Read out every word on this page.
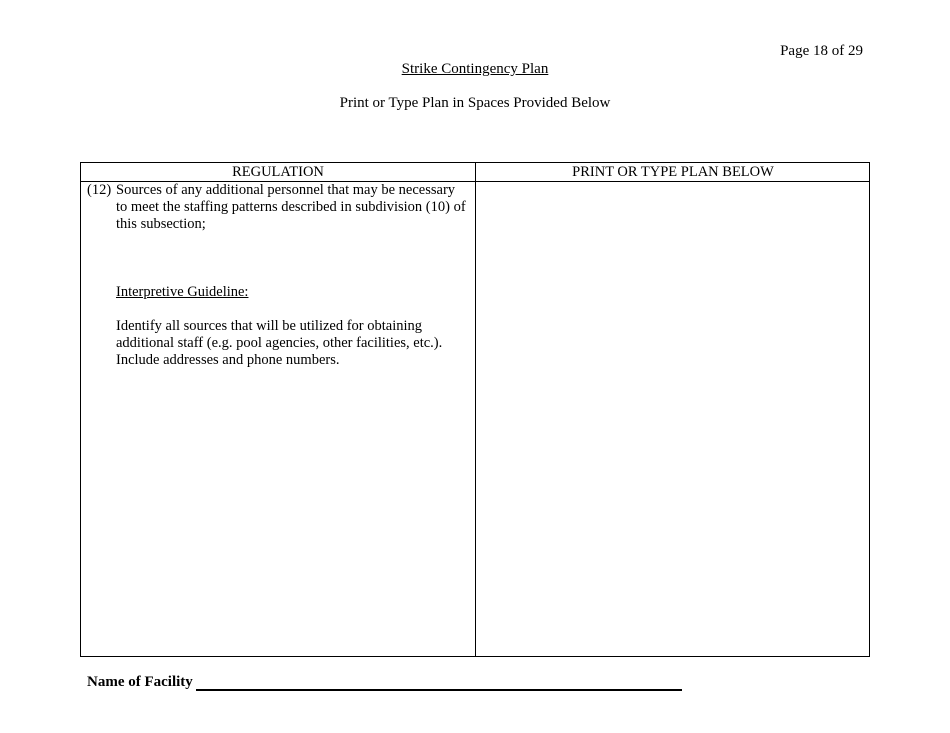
Page 18 of 29
Strike Contingency Plan
Print or Type Plan in Spaces Provided Below
REGULATION	PRINT OR TYPE PLAN BELOW
(12) Sources of any additional personnel that may be necessary to meet the staffing patterns described in subdivision (10) of this subsection;
Interpretive Guideline:
Identify all sources that will be utilized for obtaining additional staff (e.g. pool agencies, other facilities, etc.). Include addresses and phone numbers.
Name of Facility
